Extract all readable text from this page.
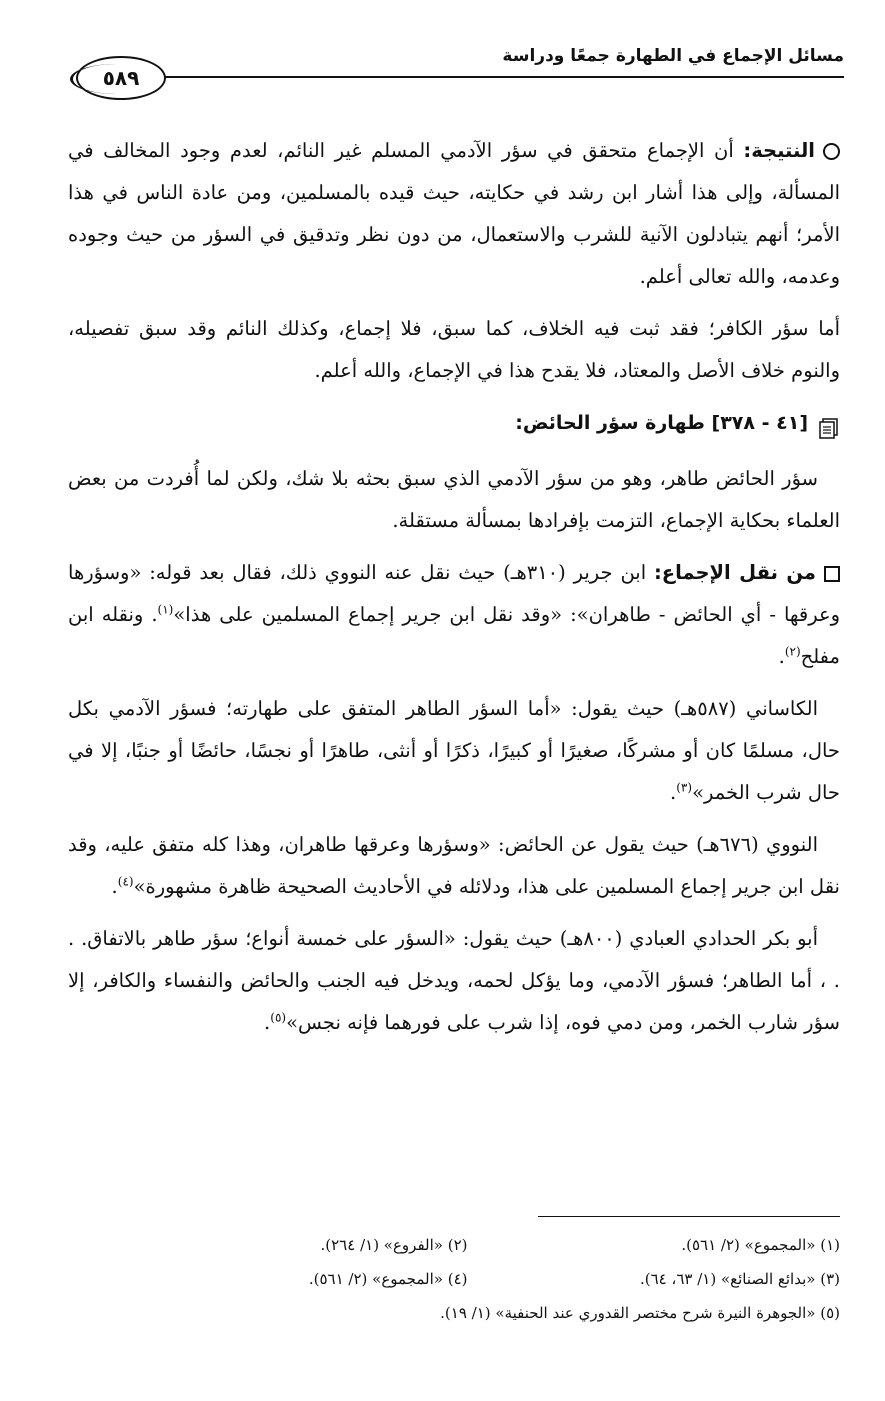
مسائل الإجماع في الطهارة جمعًا ودراسة
٥٨٩

النتيجة: أن الإجماع متحقق في سؤر الآدمي المسلم غير النائم، لعدم وجود المخالف في المسألة، وإلى هذا أشار ابن رشد في حكايته، حيث قيده بالمسلمين، ومن عادة الناس في هذا الأمر؛ أنهم يتبادلون الآنية للشرب والاستعمال، من دون نظر وتدقيق في السؤر من حيث وجوده وعدمه، والله تعالى أعلم.

أما سؤر الكافر؛ فقد ثبت فيه الخلاف، كما سبق، فلا إجماع، وكذلك النائم وقد سبق تفصيله، والنوم خلاف الأصل والمعتاد، فلا يقدح هذا في الإجماع، والله أعلم.

[٤١ - ٣٧٨] طهارة سؤر الحائض:

سؤر الحائض طاهر، وهو من سؤر الآدمي الذي سبق بحثه بلا شك، ولكن لما أُفردت من بعض العلماء بحكاية الإجماع، التزمت بإفرادها بمسألة مستقلة.

من نقل الإجماع: ابن جرير (٣١٠هـ) حيث نقل عنه النووي ذلك، فقال بعد قوله: «وسؤرها وعرقها - أي الحائض - طاهران»: «وقد نقل ابن جرير إجماع المسلمين على هذا»$^{(١)}$. ونقله ابن مفلح$^{(٢)}$.

الكاساني (٥٨٧هـ) حيث يقول: «أما السؤر الطاهر المتفق على طهارته؛ فسؤر الآدمي بكل حال، مسلمًا كان أو مشركًا، صغيرًا أو كبيرًا، ذكرًا أو أنثى، طاهرًا أو نجسًا، حائضًا أو جنبًا، إلا في حال شرب الخمر»$^{(٣)}$.

النووي (٦٧٦هـ) حيث يقول عن الحائض: «وسؤرها وعرقها طاهران، وهذا كله متفق عليه، وقد نقل ابن جرير إجماع المسلمين على هذا، ودلائله في الأحاديث الصحيحة ظاهرة مشهورة»$^{(٤)}$.

أبو بكر الحدادي العبادي (٨٠٠هـ) حيث يقول: «السؤر على خمسة أنواع؛ سؤر طاهر بالاتفاق. . . ، أما الطاهر؛ فسؤر الآدمي، وما يؤكل لحمه، ويدخل فيه الجنب والحائض والنفساء والكافر، إلا سؤر شارب الخمر، ومن دمي فوه، إذا شرب على فورهما فإنه نجس»$^{(٥)}$.

(١) «المجموع» (٢/ ٥٦١).
(٢) «الفروع» (١/ ٢٦٤).
(٣) «بدائع الصنائع» (١/ ٦٣، ٦٤).
(٤) «المجموع» (٢/ ٥٦١).
(٥) «الجوهرة النيرة شرح مختصر القدوري عند الحنفية» (١/ ١٩).
